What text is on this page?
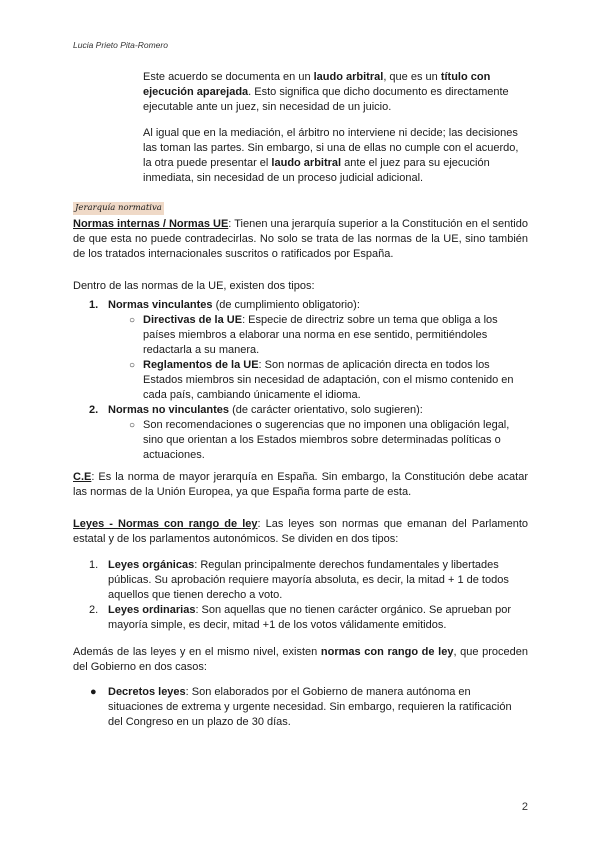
Lucia Prieto Pita-Romero

Este acuerdo se documenta en un laudo arbitral, que es un título con ejecución aparejada. Esto significa que dicho documento es directamente ejecutable ante un juez, sin necesidad de un juicio.

Al igual que en la mediación, el árbitro no interviene ni decide; las decisiones las toman las partes. Sin embargo, si una de ellas no cumple con el acuerdo, la otra puede presentar el laudo arbitral ante el juez para su ejecución inmediata, sin necesidad de un proceso judicial adicional.

Jerarquía normativa

Normas internas / Normas UE: Tienen una jerarquía superior a la Constitución en el sentido de que esta no puede contradecirlas. No solo se trata de las normas de la UE, sino también de los tratados internacionales suscritos o ratificados por España.

Dentro de las normas de la UE, existen dos tipos:

1. Normas vinculantes (de cumplimiento obligatorio):
○ Directivas de la UE: Especie de directriz sobre un tema que obliga a los países miembros a elaborar una norma en ese sentido, permitiéndoles redactarla a su manera.
○ Reglamentos de la UE: Son normas de aplicación directa en todos los Estados miembros sin necesidad de adaptación, con el mismo contenido en cada país, cambiando únicamente el idioma.
2. Normas no vinculantes (de carácter orientativo, solo sugieren):
○ Son recomendaciones o sugerencias que no imponen una obligación legal, sino que orientan a los Estados miembros sobre determinadas políticas o actuaciones.

C.E: Es la norma de mayor jerarquía en España. Sin embargo, la Constitución debe acatar las normas de la Unión Europea, ya que España forma parte de esta.

Leyes - Normas con rango de ley: Las leyes son normas que emanan del Parlamento estatal y de los parlamentos autonómicos. Se dividen en dos tipos:

1. Leyes orgánicas: Regulan principalmente derechos fundamentales y libertades públicas. Su aprobación requiere mayoría absoluta, es decir, la mitad + 1 de todos aquellos que tienen derecho a voto.
2. Leyes ordinarias: Son aquellas que no tienen carácter orgánico. Se aprueban por mayoría simple, es decir, mitad +1 de los votos válidamente emitidos.

Además de las leyes y en el mismo nivel, existen normas con rango de ley, que proceden del Gobierno en dos casos:

● Decretos leyes: Son elaborados por el Gobierno de manera autónoma en situaciones de extrema y urgente necesidad. Sin embargo, requieren la ratificación del Congreso en un plazo de 30 días.
2
